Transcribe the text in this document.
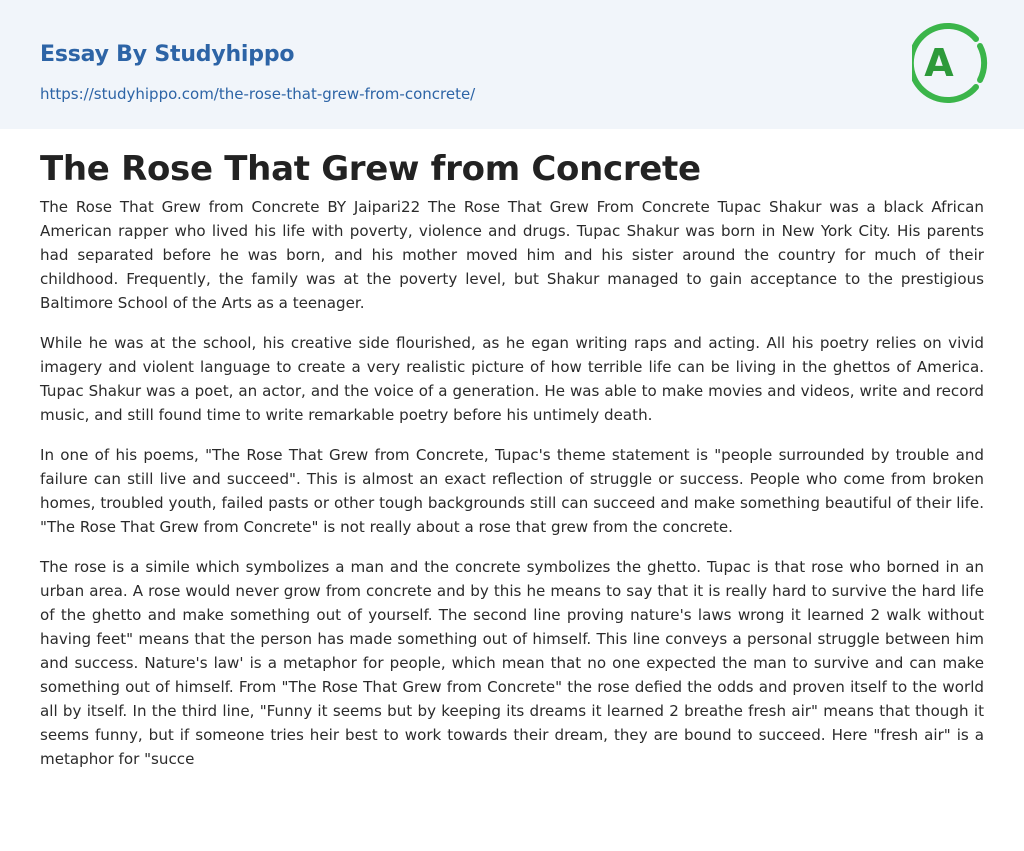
Essay By Studyhippo
https://studyhippo.com/the-rose-that-grew-from-concrete/
A
The Rose That Grew from Concrete

The Rose That Grew from Concrete BY Jaipari22 The Rose That Grew From Concrete Tupac Shakur was a black African American rapper who lived his life with poverty, violence and drugs. Tupac Shakur was born in New York City. His parents had separated before he was born, and his mother moved him and his sister around the country for much of their childhood. Frequently, the family was at the poverty level, but Shakur managed to gain acceptance to the prestigious Baltimore School of the Arts as a teenager.

While he was at the school, his creative side flourished, as he egan writing raps and acting. All his poetry relies on vivid imagery and violent language to create a very realistic picture of how terrible life can be living in the ghettos of America. Tupac Shakur was a poet, an actor, and the voice of a generation. He was able to make movies and videos, write and record music, and still found time to write remarkable poetry before his untimely death.

In one of his poems, "The Rose That Grew from Concrete, Tupac's theme statement is "people surrounded by trouble and failure can still live and succeed". This is almost an exact reflection of struggle or success. People who come from broken homes, troubled youth, failed pasts or other tough backgrounds still can succeed and make something beautiful of their life. "The Rose That Grew from Concrete" is not really about a rose that grew from the concrete.

The rose is a simile which symbolizes a man and the concrete symbolizes the ghetto. Tupac is that rose who borned in an urban area. A rose would never grow from concrete and by this he means to say that it is really hard to survive the hard life of the ghetto and make something out of yourself. The second line proving nature's laws wrong it learned 2 walk without having feet" means that the person has made something out of himself. This line conveys a personal struggle between him and success. Nature's law' is a metaphor for people, which mean that no one expected the man to survive and can make something out of himself. From "The Rose That Grew from Concrete" the rose defied the odds and proven itself to the world all by itself. In the third line, "Funny it seems but by keeping its dreams it learned 2 breathe fresh air" means that though it seems funny, but if someone tries heir best to work towards their dream, they are bound to succeed. Here "fresh air" is a metaphor for "succe
